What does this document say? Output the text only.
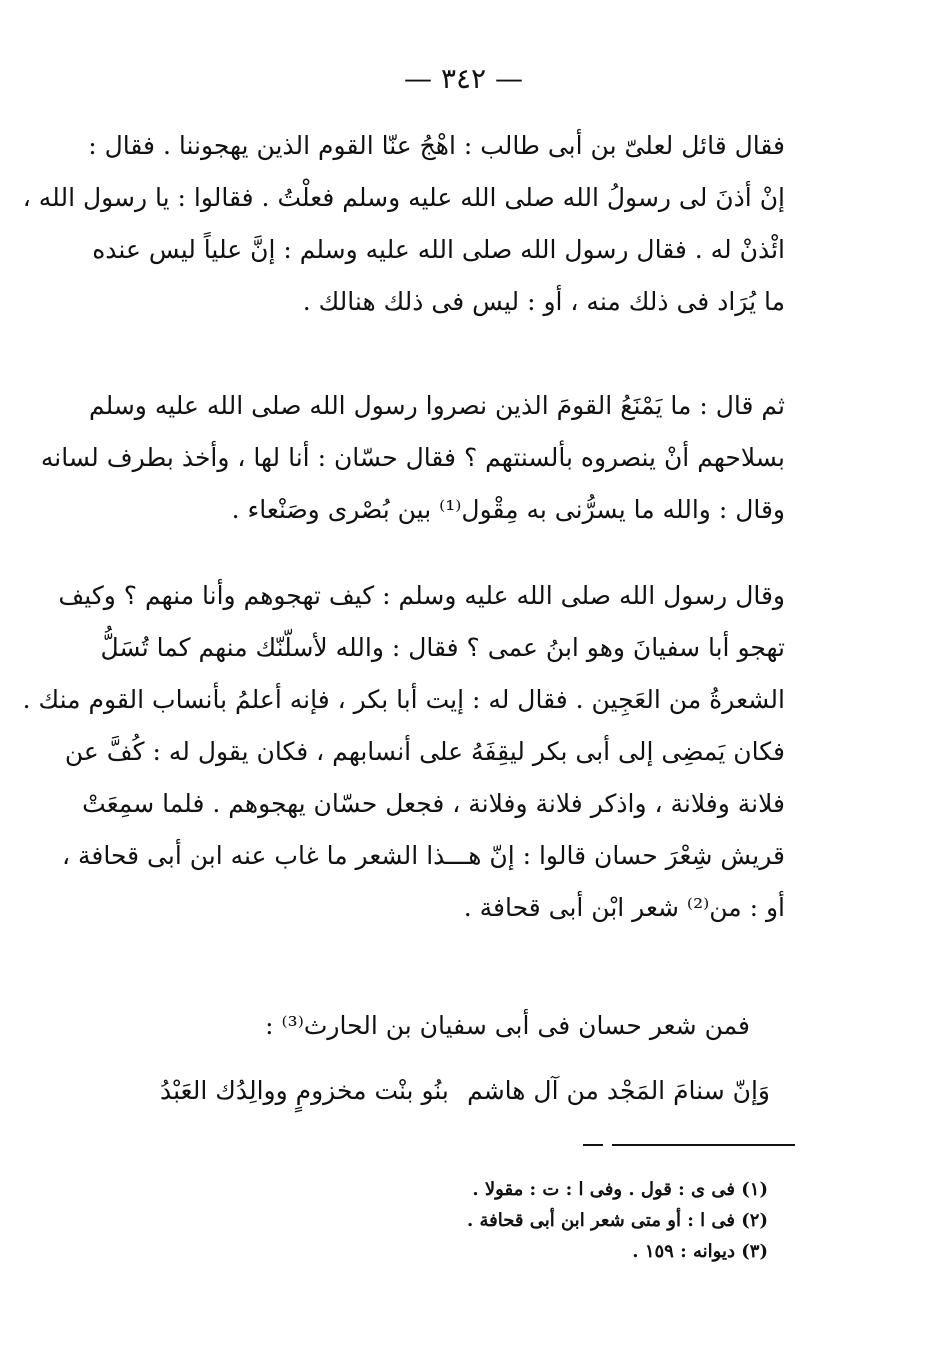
— ٣٤٢ —
فقال قائل لعلىّ بن أبى طالب : اهْجُ عنّا القوم الذين يهجوننا . فقال :
إنْ أذنَ لى رسولُ الله صلى الله عليه وسلم فعلْتُ . فقالوا : يا رسول الله ،
ائْذنْ له . فقال رسول الله صلى الله عليه وسلم : إنَّ علياً ليس عنده
ما يُرَاد فى ذلك منه ، أو : ليس فى ذلك هنالك .
ثم قال : ما يَمْنَعُ القومَ الذين نصروا رسول الله صلى الله عليه وسلم
بسلاحهم أنْ ينصروه بألسنتهم ؟ فقال حسّان : أنا لها ، وأخذ بطرف لسانه
وقال : والله ما يسرُّنى به مِقْول⁽¹⁾ بين بُصْرى وصَنْعاء .
وقال رسول الله صلى الله عليه وسلم : كيف تهجوهم وأنا منهم ؟ وكيف
تهجو أبا سفيانَ وهو ابنُ عمى ؟ فقال : والله لأسلّنّك منهم كما تُسَلُّ
الشعرةُ من العَجِين . فقال له : إيت أبا بكر ، فإنه أعلمُ بأنساب القوم منك .
فكان يَمضِى إلى أبى بكر ليقِفَهُ على أنسابهم ، فكان يقول له : كُفَّ عن
فلانة وفلانة ، واذكر فلانة وفلانة ، فجعل حسّان يهجوهم . فلما سمِعَتْ
قريش شِعْرَ حسان قالوا : إنّ هـــذا الشعر ما غاب عنه ابن أبى قحافة ،
أو : من⁽²⁾ شعر ابْن أبى قحافة .
فمن شعر حسان فى أبى سفيان بن الحارث⁽³⁾ :
وَإنّ سنامَ المَجْد من آل هاشم
بنُو بنْت مخزومٍ ووالِدُك العَبْدُ
(١) فى ى : قول . وفى ا : ت : مقولا .
(٢) فى ا : أو متى شعر ابن أبى قحافة .
(٣) ديوانه : ١٥٩ .
